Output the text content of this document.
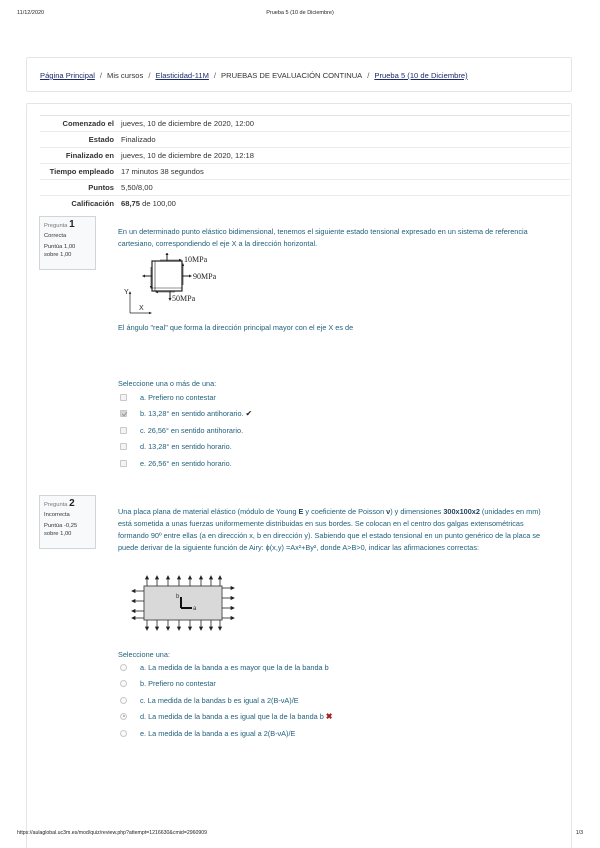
11/12/2020	Prueba 5 (10 de Diciembre)
Página Principal / Mis cursos / Elasticidad-11M / PRUEBAS DE EVALUACIÓN CONTINUA / Prueba 5 (10 de Diciembre)
Comenzado el	jueves, 10 de diciembre de 2020, 12:00
Estado	Finalizado
Finalizado en	jueves, 10 de diciembre de 2020, 12:18
Tiempo empleado	17 minutos 38 segundos
Puntos	5,50/8,00
Calificación	68,75 de 100,00
Pregunta 1
Correcta
Puntúa 1,00
sobre 1,00
En un determinado punto elástico bidimensional, tenemos el siguiente estado tensional expresado en un sistema de referencia cartesiano, correspondiendo el eje X a la dirección horizontal.
10MPa
90MPa
50MPa
Y
X
El ángulo "real" que forma la dirección principal mayor con el eje X es de
Seleccione una o más de una:
a. Prefiero no contestar
b. 13,28° en sentido antihorario. ✔
c. 26,56° en sentido antihorario.
d. 13,28° en sentido horario.
e. 26,56° en sentido horario.
Pregunta 2
Incorrecta
Puntúa -0,25
sobre 1,00
Una placa plana de material elástico (módulo de Young E y coeficiente de Poisson ν) y dimensiones 300x100x2 (unidades en mm) está sometida a unas fuerzas uniformemente distribuidas en sus bordes. Se colocan en el centro dos galgas extensométricas formando 90º entre ellas (a en dirección x, b en dirección y). Sabiendo que el estado tensional en un punto genérico de la placa se puede derivar de la siguiente función de Airy: ϕ(x,y) =Ax²+By², donde A>B>0, indicar las afirmaciones correctas:
b
a
Seleccione una:
a. La medida de la banda a es mayor que la de la banda b
b. Prefiero no contestar
c. La medida de la bandas b es igual a 2(B-νA)/E
d. La medida de la banda a es igual que la de la banda b ✖
e. La medida de la banda a es igual a 2(B-νA)/E
https://aulaglobal.uc3m.es/mod/quiz/review.php?attempt=1216630&cmid=2960909	1/3
